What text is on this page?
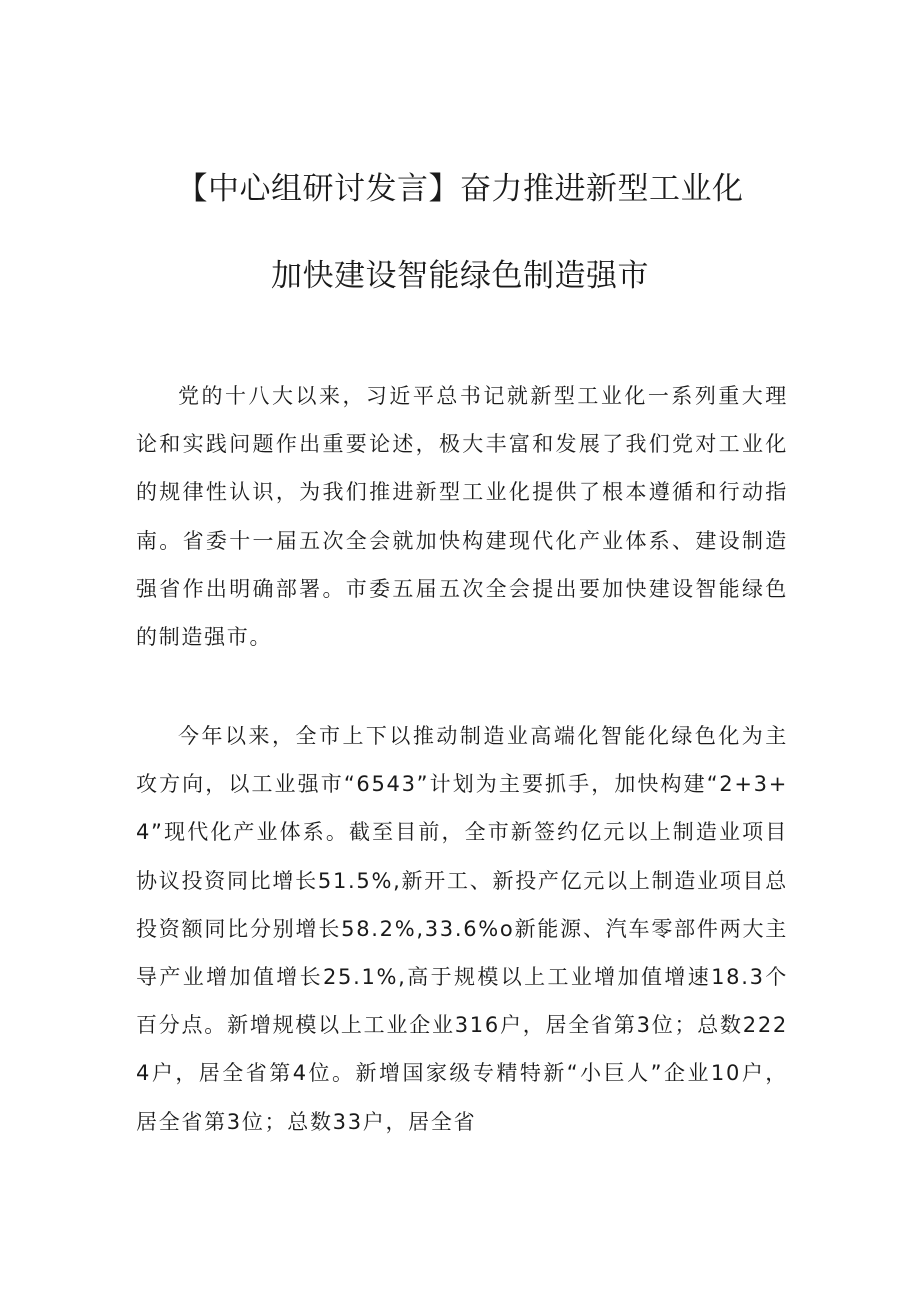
【中心组研讨发言】奋力推进新型工业化
加快建设智能绿色制造强市

党的十八大以来，习近平总书记就新型工业化一系列重大理论和实践问题作出重要论述，极大丰富和发展了我们党对工业化的规律性认识，为我们推进新型工业化提供了根本遵循和行动指南。省委十一届五次全会就加快构建现代化产业体系、建设制造强省作出明确部署。市委五届五次全会提出要加快建设智能绿色的制造强市。

今年以来，全市上下以推动制造业高端化智能化绿色化为主攻方向，以工业强市“6543”计划为主要抓手，加快构建“2+3+4”现代化产业体系。截至目前，全市新签约亿元以上制造业项目协议投资同比增长51.5%,新开工、新投产亿元以上制造业项目总投资额同比分别增长58.2%,33.6%o新能源、汽车零部件两大主导产业增加值增长25.1%,高于规模以上工业增加值增速18.3个百分点。新增规模以上工业企业316户，居全省第3位；总数2224户，居全省第4位。新增国家级专精特新“小巨人”企业10户，居全省第3位；总数33户，居全省
